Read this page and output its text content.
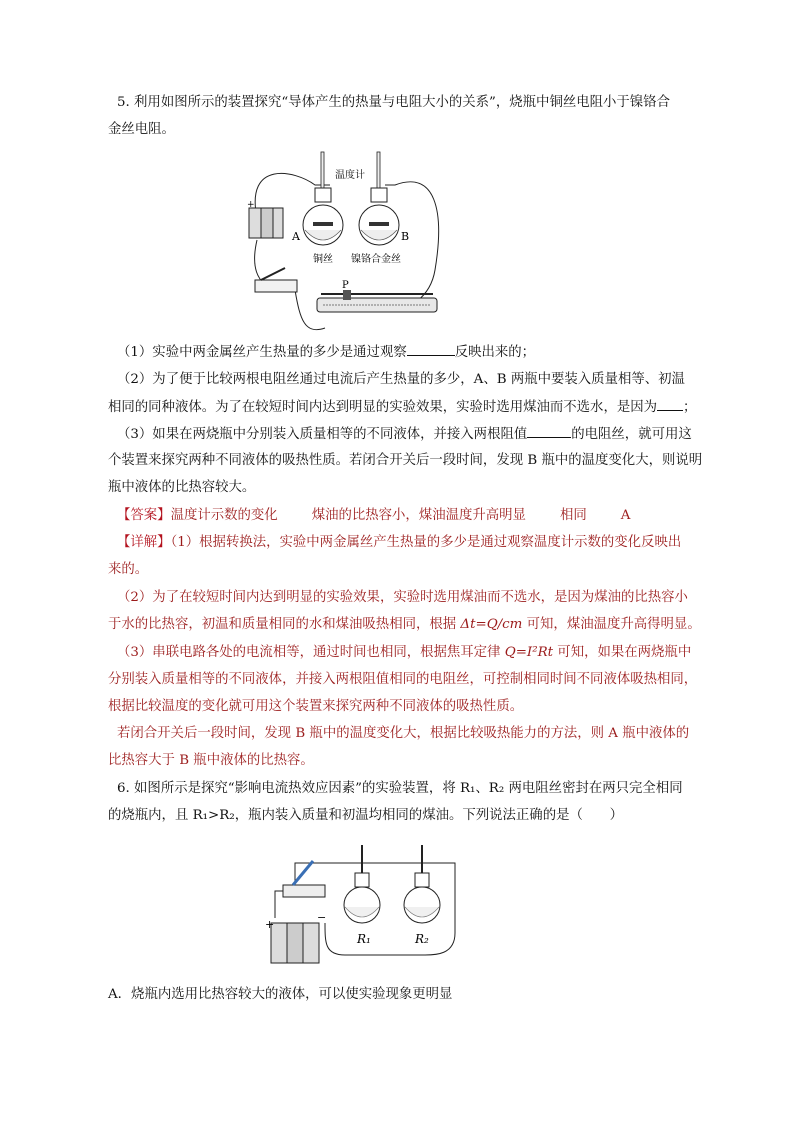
5. 利用如图所示的装置探究“导体产生的热量与电阻大小的关系”，烧瓶中铜丝电阻小于镍铬合
金丝电阻。
+
温度计
A	B
铜丝 镍铬合金丝
P
（1）实验中两金属丝产生热量的多少是通过观察	反映出来的；
（2）为了便于比较两根电阻丝通过电流后产生热量的多少，A、B 两瓶中要装入质量相等、初温
相同的同种液体。为了在较短时间内达到明显的实验效果，实验时选用煤油而不选水，是因为 ；
（3）如果在两烧瓶中分别装入质量相等的不同液体，并接入两根阻值	的电阻丝，就可用这
个装置来探究两种不同液体的吸热性质。若闭合开关后一段时间，发现 B 瓶中的温度变化大，则说明
瓶中液体的比热容较大。
【答案】温度计示数的变化	煤油的比热容小，煤油温度升高明显	相同	A
【详解】（1）根据转换法，实验中两金属丝产生热量的多少是通过观察温度计示数的变化反映出
来的。
（2）为了在较短时间内达到明显的实验效果，实验时选用煤油而不选水，是因为煤油的比热容小
于水的比热容，初温和质量相同的水和煤油吸热相同，根据 Δt=Q/cm 可知，煤油温度升高得明显。
（3）串联电路各处的电流相等，通过时间也相同，根据焦耳定律 Q=I²Rt 可知，如果在两烧瓶中
分别装入质量相等的不同液体，并接入两根阻值相同的电阻丝，可控制相同时间不同液体吸热相同，
根据比较温度的变化就可用这个装置来探究两种不同液体的吸热性质。
若闭合开关后一段时间，发现 B 瓶中的温度变化大，根据比较吸热能力的方法，则 A 瓶中液体的
比热容大于 B 瓶中液体的比热容。
6. 如图所示是探究“影响电流热效应因素”的实验装置，将 R₁、R₂ 两电阻丝密封在两只完全相同
的烧瓶内，且 R₁>R₂，瓶内装入质量和初温均相同的煤油。下列说法正确的是（　　）
+
−
R₁	R₂
A．烧瓶内选用比热容较大的液体，可以使实验现象更明显
